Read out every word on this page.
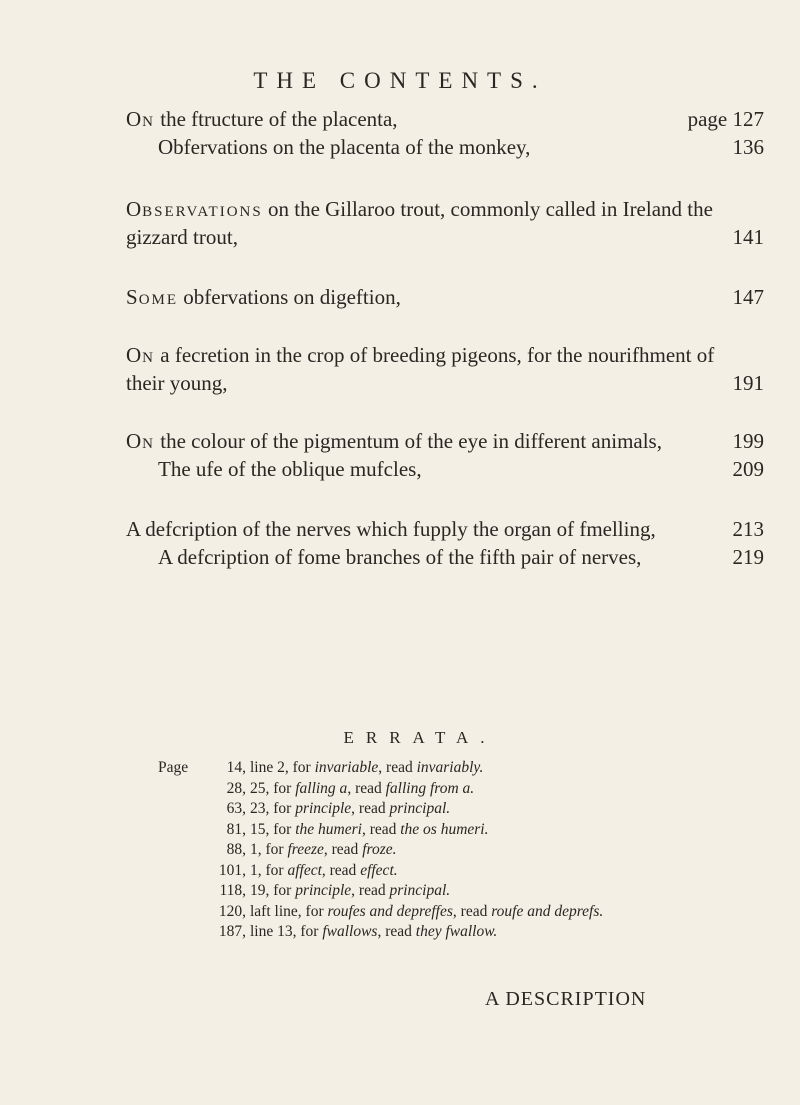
THE CONTENTS.
ON the ftructure of the placenta,	page 127
Obfervations on the placenta of the monkey,	136
OBSERVATIONS on the Gillaroo trout, commonly called in Ireland the
gizzard trout,	141
SOME obfervations on digeftion,	147
ON a fecretion in the crop of breeding pigeons, for the nourifhment of
their young,	191
ON the colour of the pigmentum of the eye in different animals,	199
The ufe of the oblique mufcles,	209
A defcription of the nerves which fupply the organ of fmelling,	213
A defcription of fome branches of the fifth pair of nerves,	219
ERRATA.
Page 14, line 2, for invariable, read invariably.
28, 25, for falling a, read falling from a.
63, 23, for principle, read principal.
81, 15, for the humeri, read the os humeri.
88, 1, for freeze, read froze.
101, 1, for affect, read effect.
118, 19, for principle, read principal.
120, laft line, for roufes and depreffes, read roufe and deprefs.
187, line 13, for fwallows, read they fwallow.
A DESCRIPTION
